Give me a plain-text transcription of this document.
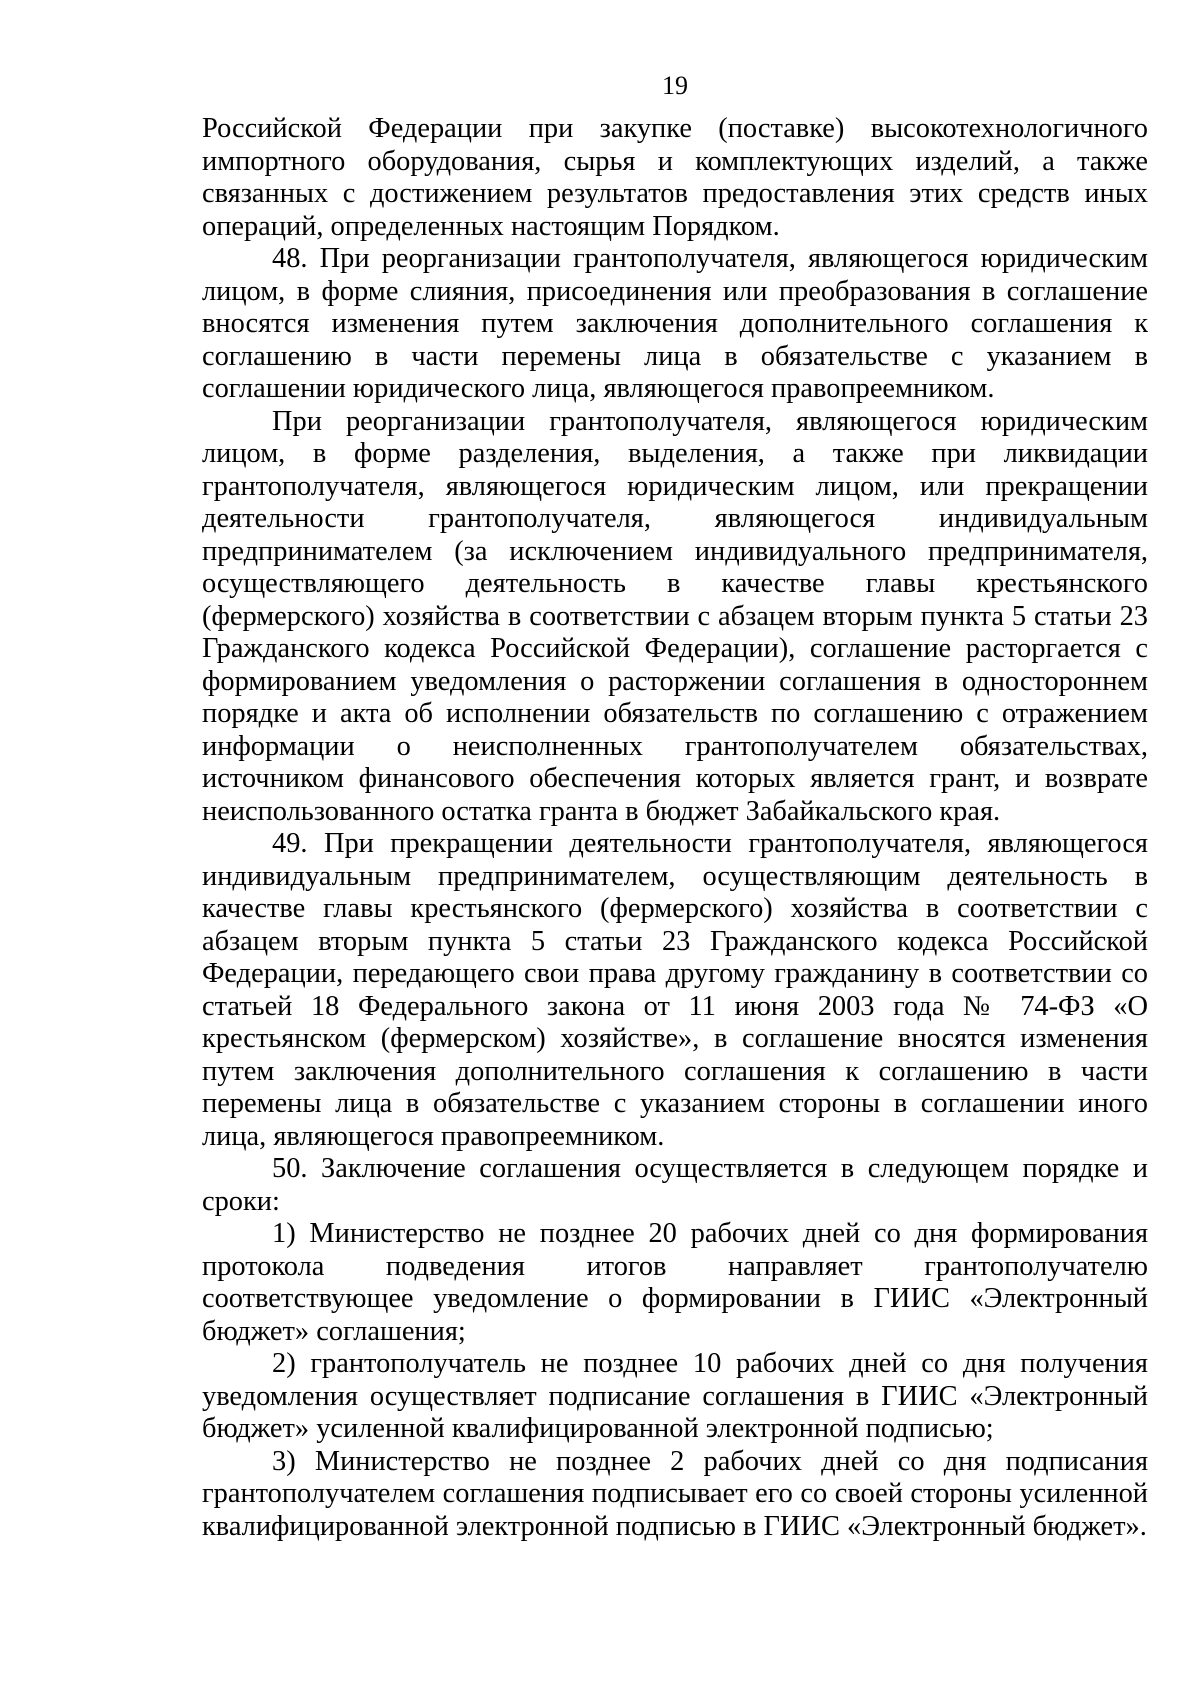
19

Российской Федерации при закупке (поставке) высокотехнологичного импортного оборудования, сырья и комплектующих изделий, а также связанных с достижением результатов предоставления этих средств иных операций, определенных настоящим Порядком.

48. При реорганизации грантополучателя, являющегося юридическим лицом, в форме слияния, присоединения или преобразования в соглашение вносятся изменения путем заключения дополнительного соглашения к соглашению в части перемены лица в обязательстве с указанием в соглашении юридического лица, являющегося правопреемником.

При реорганизации грантополучателя, являющегося юридическим лицом, в форме разделения, выделения, а также при ликвидации грантополучателя, являющегося юридическим лицом, или прекращении деятельности грантополучателя, являющегося индивидуальным предпринимателем (за исключением индивидуального предпринимателя, осуществляющего деятельность в качестве главы крестьянского (фермерского) хозяйства в соответствии с абзацем вторым пункта 5 статьи 23 Гражданского кодекса Российской Федерации), соглашение расторгается с формированием уведомления о расторжении соглашения в одностороннем порядке и акта об исполнении обязательств по соглашению с отражением информации о неисполненных грантополучателем обязательствах, источником финансового обеспечения которых является грант, и возврате неиспользованного остатка гранта в бюджет Забайкальского края.

49. При прекращении деятельности грантополучателя, являющегося индивидуальным предпринимателем, осуществляющим деятельность в качестве главы крестьянского (фермерского) хозяйства в соответствии с абзацем вторым пункта 5 статьи 23 Гражданского кодекса Российской Федерации, передающего свои права другому гражданину в соответствии со статьей 18 Федерального закона от 11 июня 2003 года № 74-ФЗ «О крестьянском (фермерском) хозяйстве», в соглашение вносятся изменения путем заключения дополнительного соглашения к соглашению в части перемены лица в обязательстве с указанием стороны в соглашении иного лица, являющегося правопреемником.

50. Заключение соглашения осуществляется в следующем порядке и сроки:

1) Министерство не позднее 20 рабочих дней со дня формирования протокола подведения итогов направляет грантополучателю соответствующее уведомление о формировании в ГИИС «Электронный бюджет» соглашения;

2) грантополучатель не позднее 10 рабочих дней со дня получения уведомления осуществляет подписание соглашения в ГИИС «Электронный бюджет» усиленной квалифицированной электронной подписью;

3) Министерство не позднее 2 рабочих дней со дня подписания грантополучателем соглашения подписывает его со своей стороны усиленной квалифицированной электронной подписью в ГИИС «Электронный бюджет».
